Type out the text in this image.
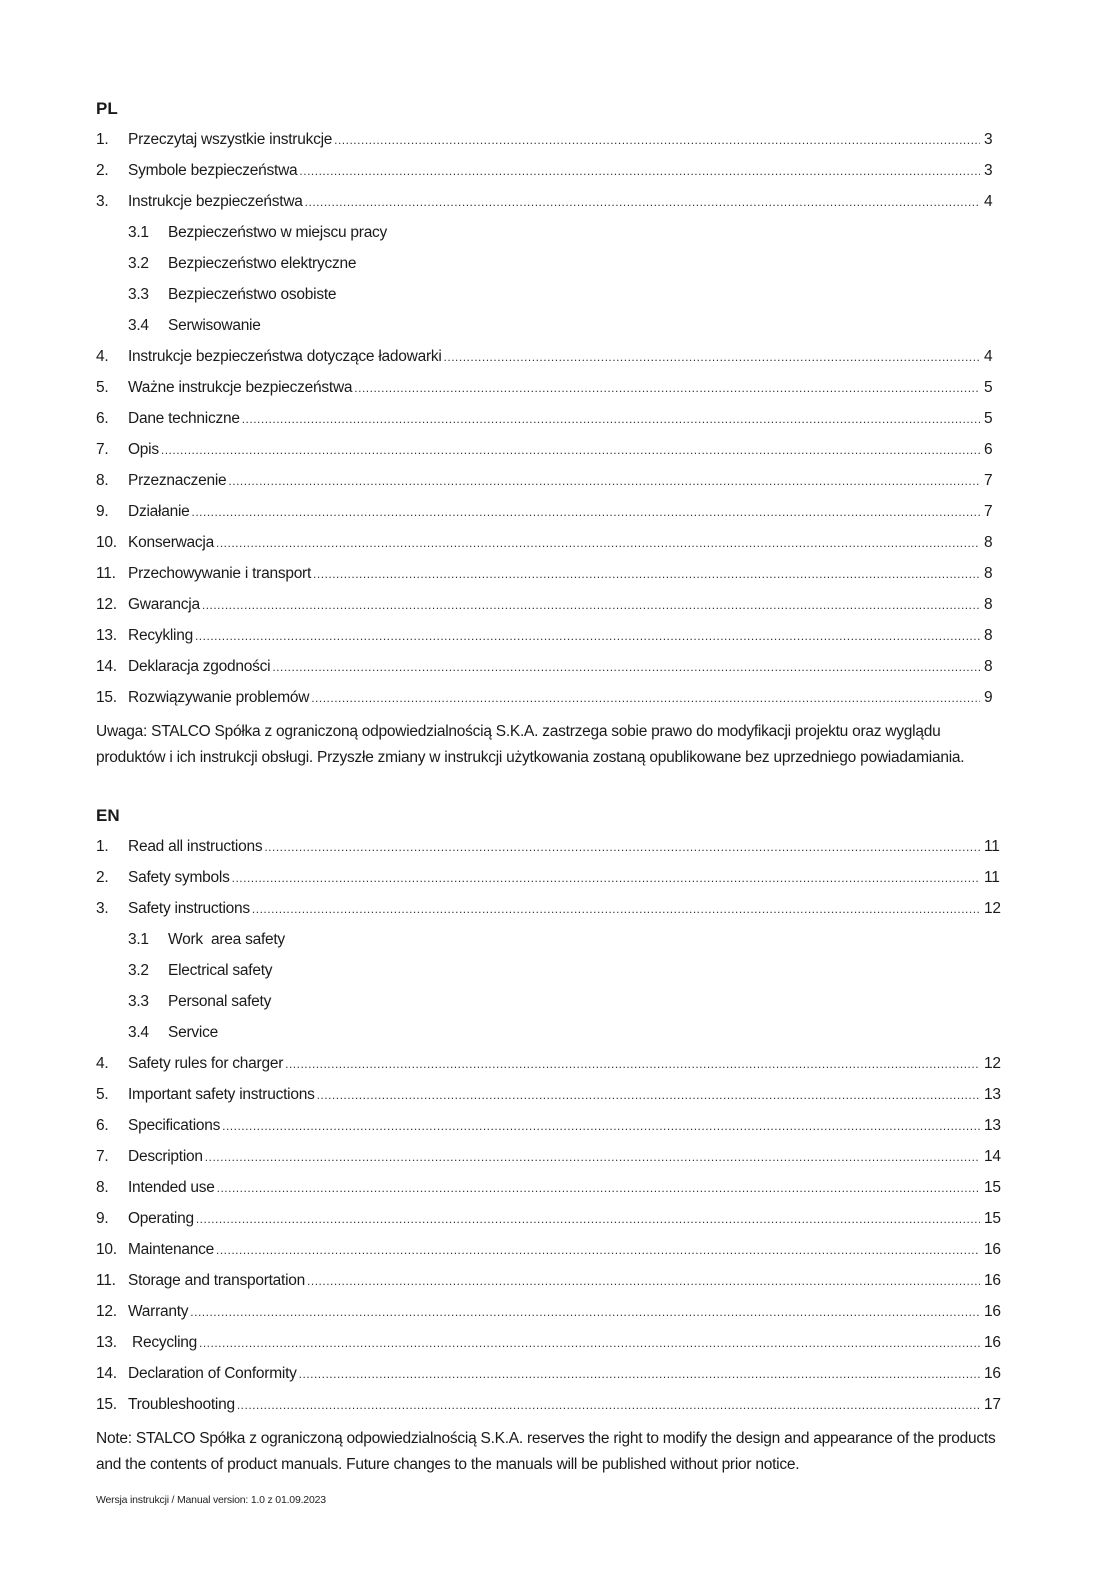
PL
1.	Przeczytaj wszystkie instrukcje .....	3
2.	Symbole bezpieczeństwa .....	3
3.	Instrukcje bezpieczeństwa .....	4
3.1	Bezpieczeństwo w miejscu pracy
3.2	Bezpieczeństwo elektryczne
3.3	Bezpieczeństwo osobiste
3.4	Serwisowanie
4.	Instrukcje bezpieczeństwa dotyczące ładowarki .....	4
5.	Ważne instrukcje bezpieczeństwa .....	5
6.	Dane techniczne .....	5
7.	Opis .....	6
8.	Przeznaczenie .....	7
9.	Działanie .....	7
10. Konserwacja .....	8
11. Przechowywanie i transport .....	8
12. Gwarancja .....	8
13. Recykling .....	8
14. Deklaracja zgodności .....	8
15. Rozwiązywanie problemów .....	9

Uwaga: STALCO Spółka z ograniczoną odpowiedzialnością S.K.A. zastrzega sobie prawo do modyfikacji projektu oraz wyglądu produktów i ich instrukcji obsługi. Przyszłe zmiany w instrukcji użytkowania zostaną opublikowane bez uprzedniego powiadamiania.

EN
1.	Read all instructions .....	11
2.	Safety symbols .....	11
3.	Safety instructions .....	12
3.1	Work  area safety
3.2	Electrical safety
3.3	Personal safety
3.4	Service
4.	Safety rules for charger .....	12
5.	Important safety instructions .....	13
6.	Specifications .....	13
7.	Description .....	14
8.	Intended use .....	15
9.	Operating .....	15
10. Maintenance .....	16
11. Storage and transportation .....	16
12. Warranty .....	16
13. Recycling .....	16
14. Declaration of Conformity .....	16
15. Troubleshooting .....	17

Note: STALCO Spółka z ograniczoną odpowiedzialnością S.K.A. reserves the right to modify the design and appearance of the products and the contents of product manuals. Future changes to the manuals will be published without prior notice.

Wersja instrukcji / Manual version: 1.0 z 01.09.2023
